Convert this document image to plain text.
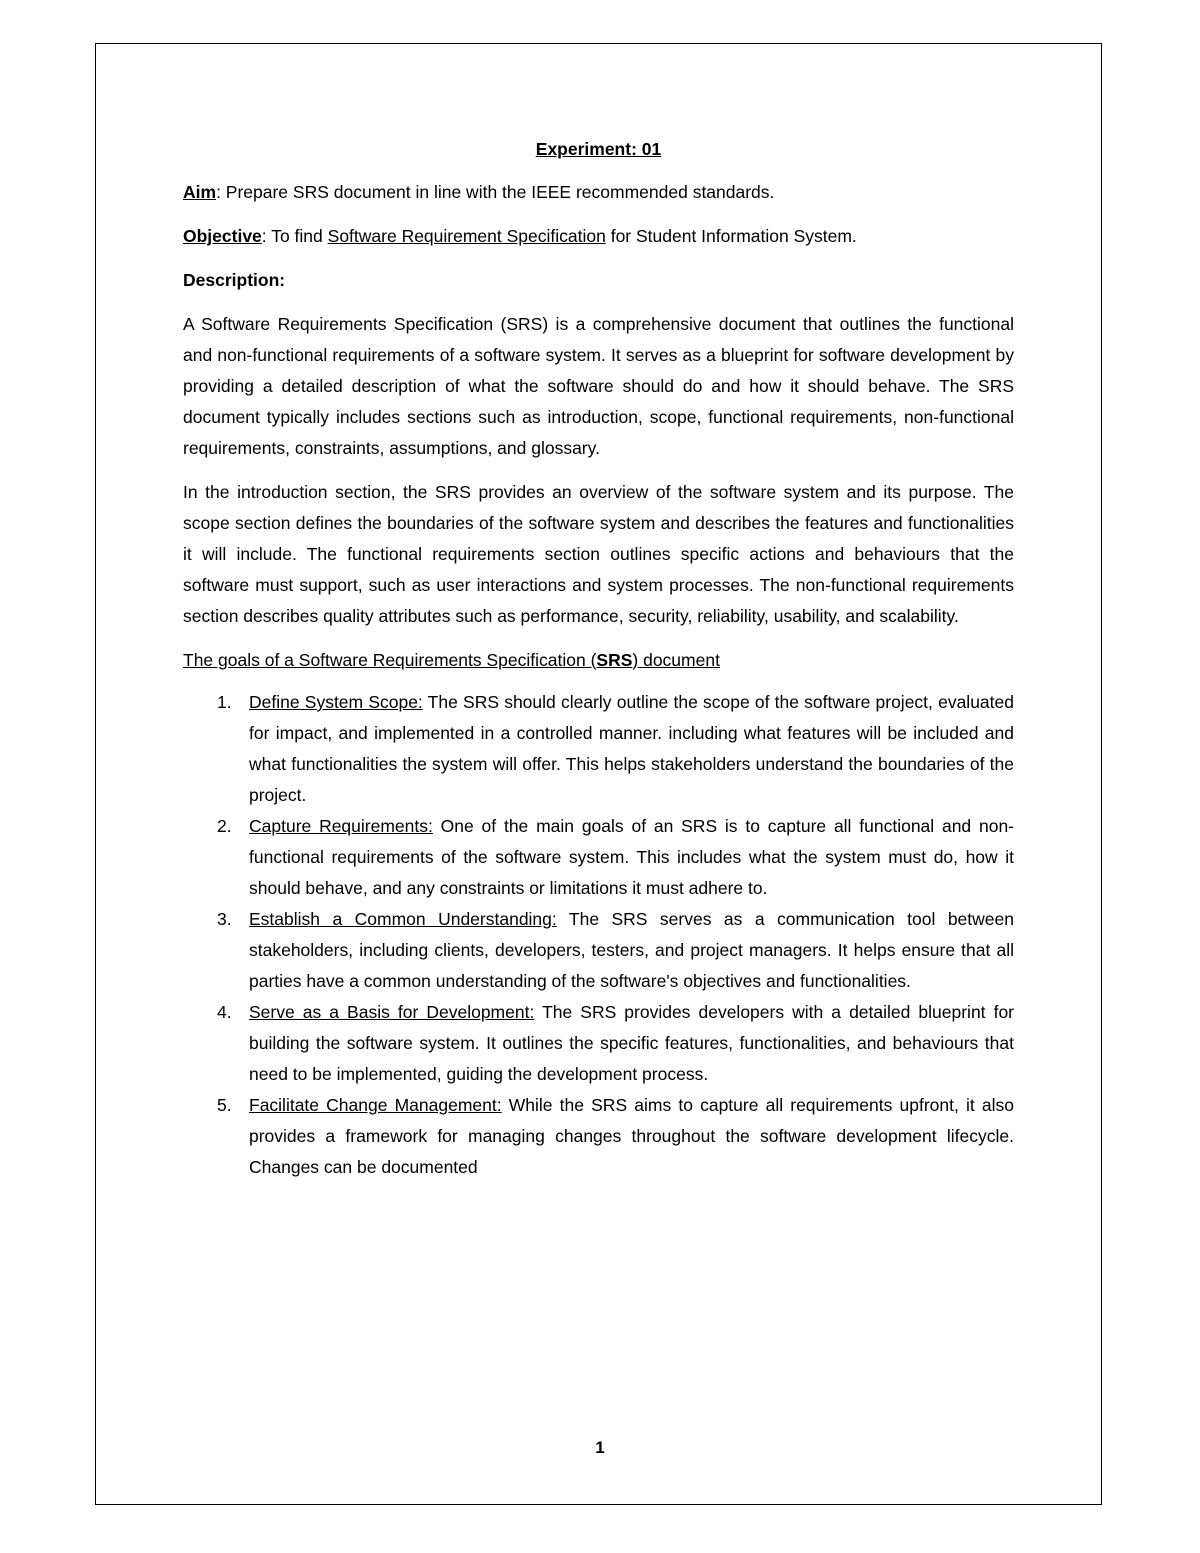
Experiment: 01

Aim: Prepare SRS document in line with the IEEE recommended standards.

Objective: To find Software Requirement Specification for Student Information System.

Description:

A Software Requirements Specification (SRS) is a comprehensive document that outlines the functional and non-functional requirements of a software system. It serves as a blueprint for software development by providing a detailed description of what the software should do and how it should behave. The SRS document typically includes sections such as introduction, scope, functional requirements, non-functional requirements, constraints, assumptions, and glossary.

In the introduction section, the SRS provides an overview of the software system and its purpose. The scope section defines the boundaries of the software system and describes the features and functionalities it will include. The functional requirements section outlines specific actions and behaviours that the software must support, such as user interactions and system processes. The non-functional requirements section describes quality attributes such as performance, security, reliability, usability, and scalability.

The goals of a Software Requirements Specification (SRS) document

1. Define System Scope: The SRS should clearly outline the scope of the software project, evaluated for impact, and implemented in a controlled manner. including what features will be included and what functionalities the system will offer. This helps stakeholders understand the boundaries of the project.
2. Capture Requirements: One of the main goals of an SRS is to capture all functional and non-functional requirements of the software system. This includes what the system must do, how it should behave, and any constraints or limitations it must adhere to.
3. Establish a Common Understanding: The SRS serves as a communication tool between stakeholders, including clients, developers, testers, and project managers. It helps ensure that all parties have a common understanding of the software's objectives and functionalities.
4. Serve as a Basis for Development: The SRS provides developers with a detailed blueprint for building the software system. It outlines the specific features, functionalities, and behaviours that need to be implemented, guiding the development process.
5. Facilitate Change Management: While the SRS aims to capture all requirements upfront, it also provides a framework for managing changes throughout the software development lifecycle. Changes can be documented
1
